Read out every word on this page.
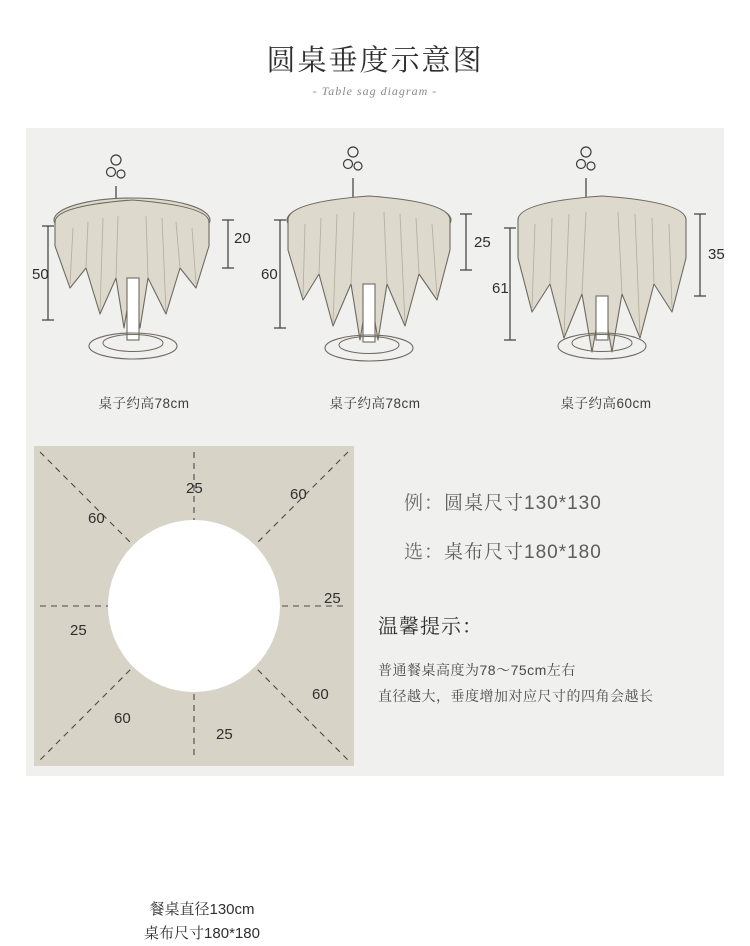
圆桌垂度示意图
- Table sag diagram -
20
50
桌子约高78cm
25
60
桌子约高78cm
35
61
桌子约高60cm
餐桌直径130cm
桌布尺寸180*180
25	60
60
25
25
60
60
25
例：圆桌尺寸130*130
选：桌布尺寸180*180
温馨提示：
普通餐桌高度为78～75cm左右
直径越大，垂度增加对应尺寸的四角会越长
